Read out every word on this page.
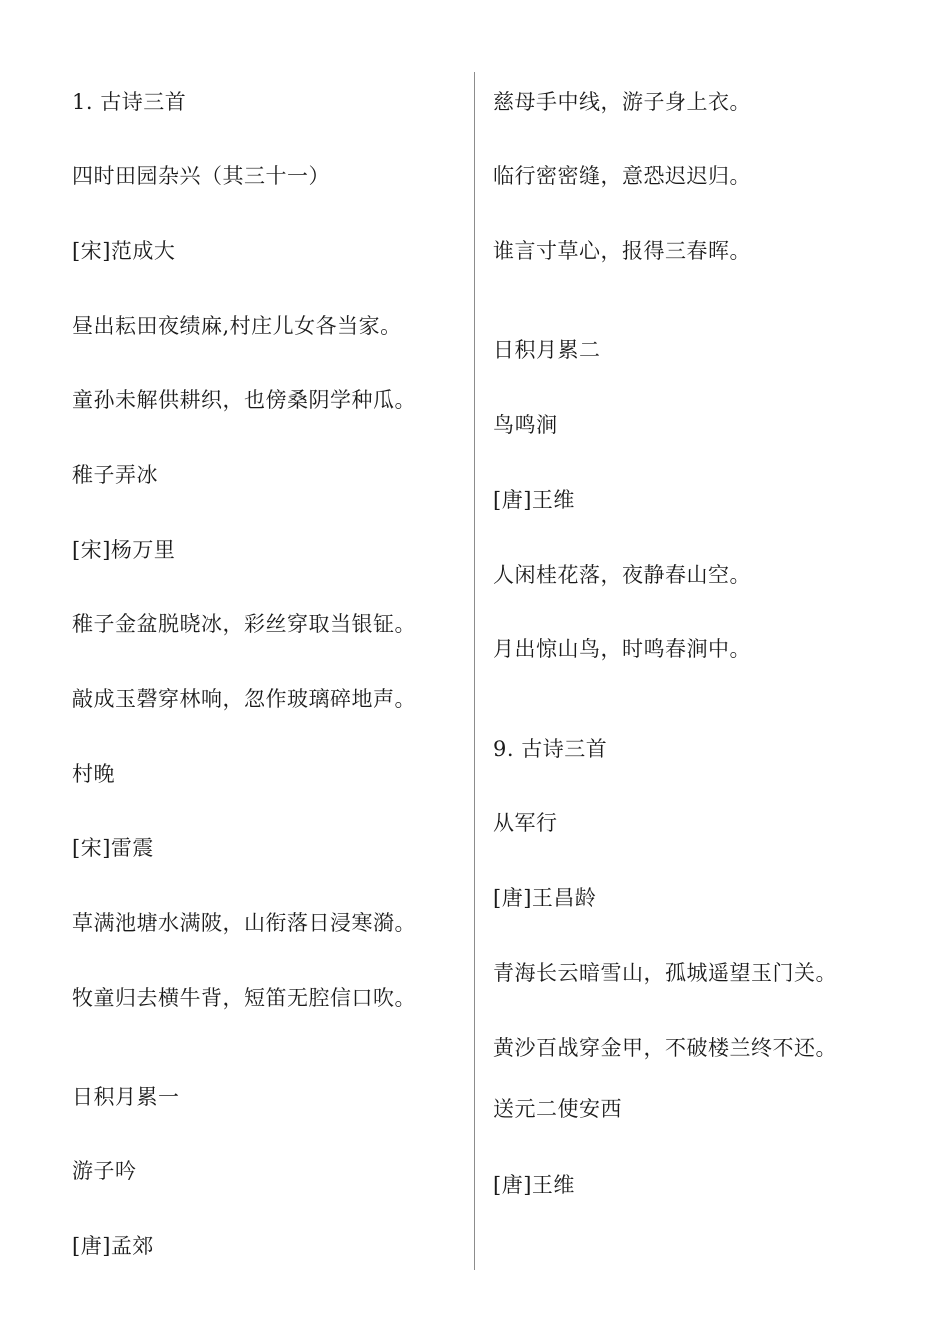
1. 古诗三首
四时田园杂兴（其三十一）
[宋]范成大
昼出耘田夜绩麻,村庄儿女各当家。
童孙未解供耕织，也傍桑阴学种瓜。
稚子弄冰
[宋]杨万里
稚子金盆脱晓冰，彩丝穿取当银钲。
敲成玉磬穿林响，忽作玻璃碎地声。
村晚
[宋]雷震
草满池塘水满陂，山衔落日浸寒漪。
牧童归去横牛背，短笛无腔信口吹。
日积月累一
游子吟
[唐]孟郊
慈母手中线，游子身上衣。
临行密密缝，意恐迟迟归。
谁言寸草心，报得三春晖。
日积月累二
鸟鸣涧
[唐]王维
人闲桂花落，夜静春山空。
月出惊山鸟，时鸣春涧中。
9. 古诗三首
从军行
[唐]王昌龄
青海长云暗雪山，孤城遥望玉门关。
黄沙百战穿金甲，不破楼兰终不还。
送元二使安西
[唐]王维
